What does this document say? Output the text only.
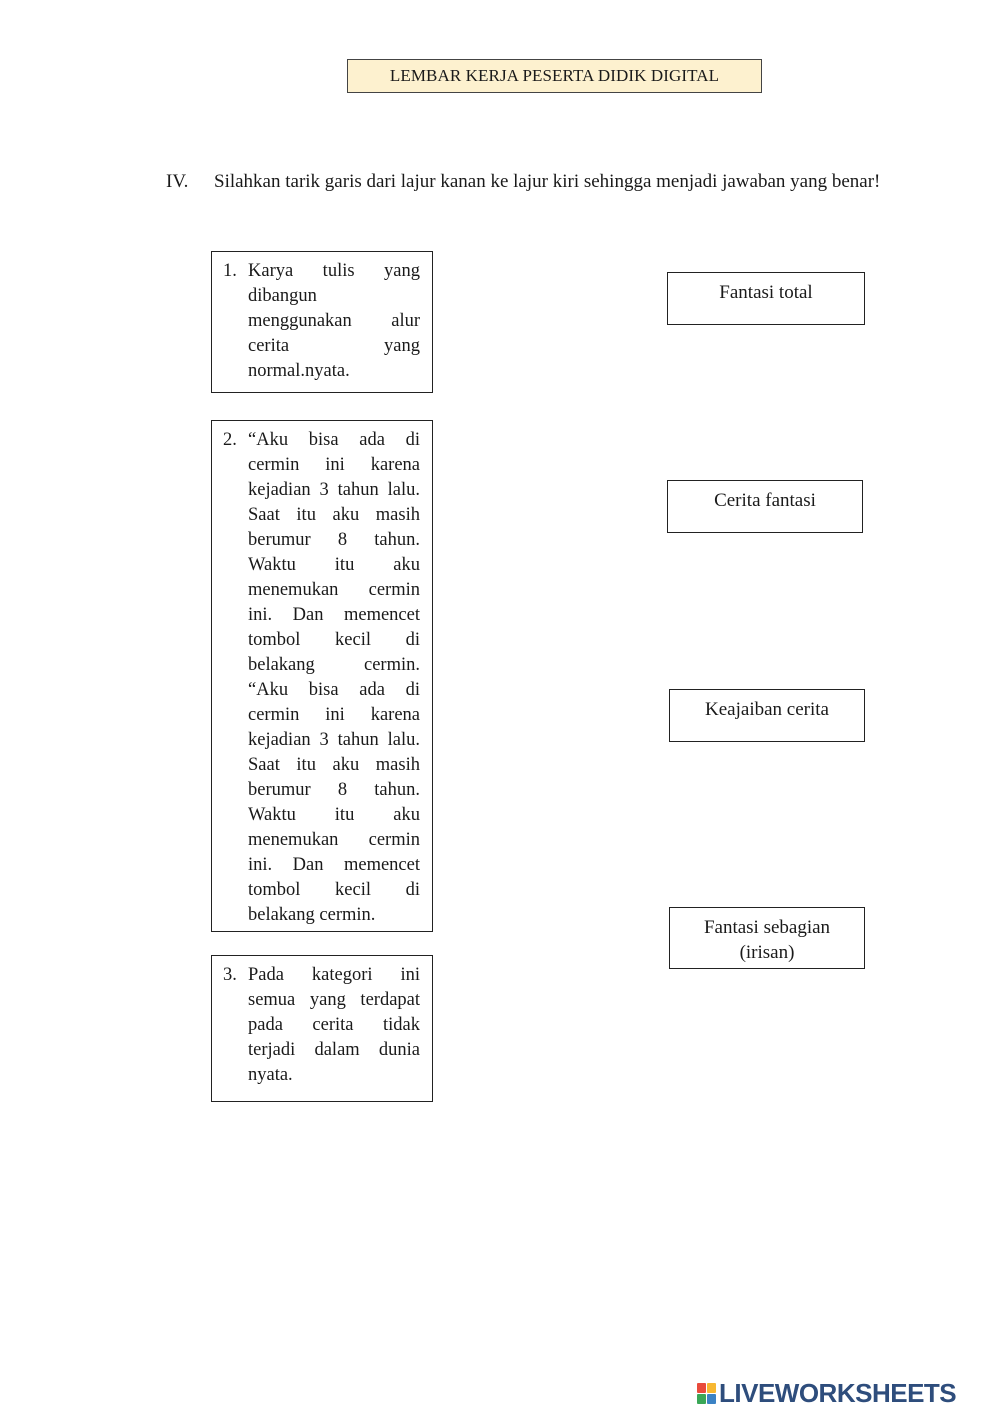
LEMBAR KERJA PESERTA DIDIK DIGITAL
IV. Silahkan tarik garis dari lajur kanan ke lajur kiri sehingga menjadi jawaban yang benar!
1. Karya tulis yang dibangun menggunakan alur cerita yang normal.nyata.
2. “Aku bisa ada di cermin ini karena kejadian 3 tahun lalu. Saat itu aku masih berumur 8 tahun. Waktu itu aku menemukan cermin ini. Dan memencet tombol kecil di belakang cermin. “Aku bisa ada di cermin ini karena kejadian 3 tahun lalu. Saat itu aku masih berumur 8 tahun. Waktu itu aku menemukan cermin ini. Dan memencet tombol kecil di belakang cermin.
3. Pada kategori ini semua yang terdapat pada cerita tidak terjadi dalam dunia nyata.
Fantasi total
Cerita fantasi
Keajaiban cerita
Fantasi sebagian
(irisan)
LIVEWORKSHEETS
